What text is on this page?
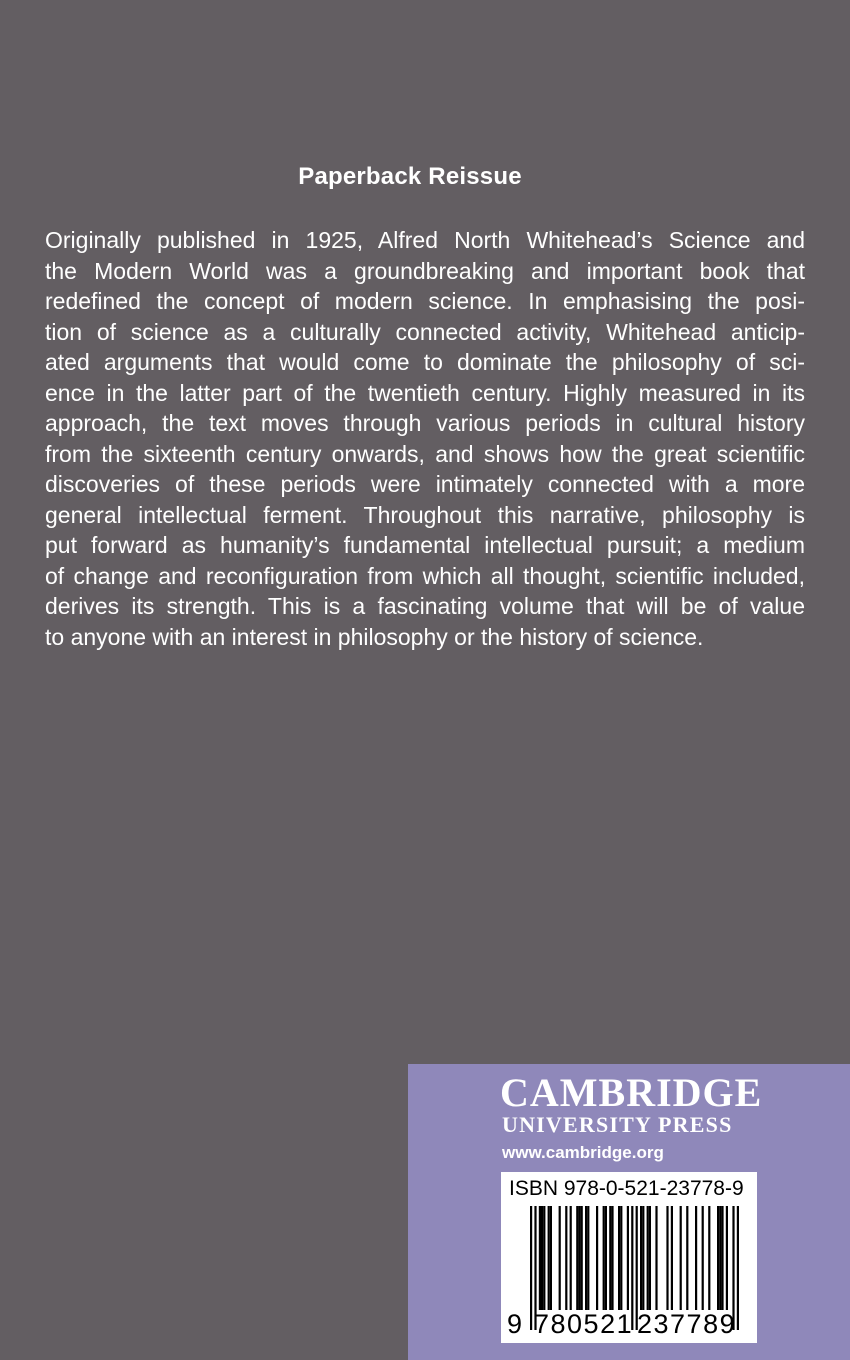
Paperback Reissue

Originally published in 1925, Alfred North Whitehead’s Science and
the Modern World was a groundbreaking and important book that
redefined the concept of modern science. In emphasising the posi-
tion of science as a culturally connected activity, Whitehead anticip-
ated arguments that would come to dominate the philosophy of sci-
ence in the latter part of the twentieth century. Highly measured in its
approach, the text moves through various periods in cultural history
from the sixteenth century onwards, and shows how the great scientific
discoveries of these periods were intimately connected with a more
general intellectual ferment. Throughout this narrative, philosophy is
put forward as humanity’s fundamental intellectual pursuit; a medium
of change and reconfiguration from which all thought, scientific included,
derives its strength. This is a fascinating volume that will be of value
to anyone with an interest in philosophy or the history of science.

CAMBRIDGE
UNIVERSITY PRESS
www.cambridge.org
ISBN 978-0-521-23778-9
9 780521 237789
